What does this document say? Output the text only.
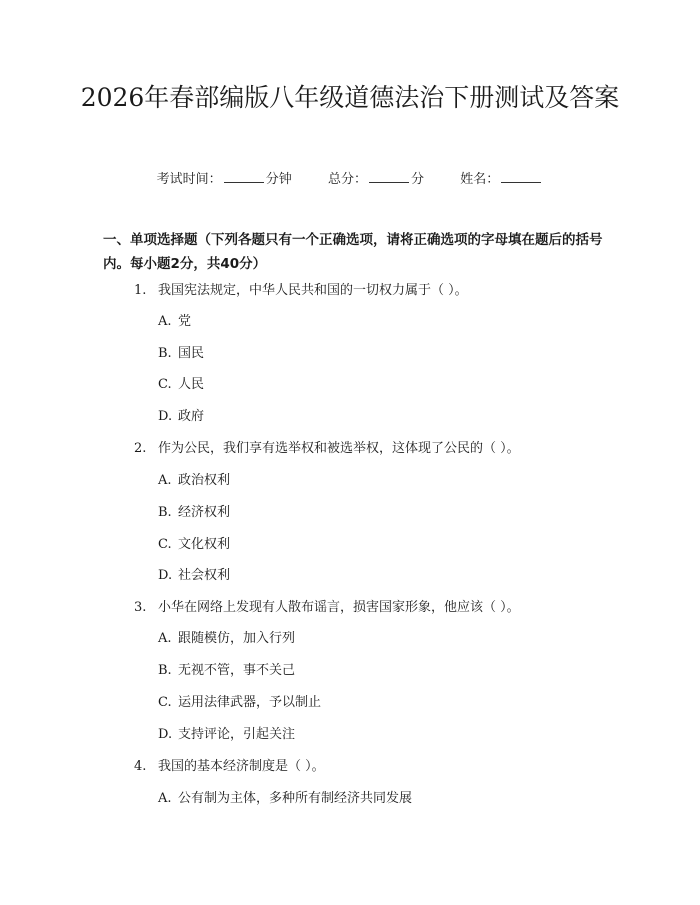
2026年春部编版八年级道德法治下册测试及答案
考试时间：	分钟	总分：	分	姓名：
一、单项选择题（下列各题只有一个正确选项，请将正确选项的字母填在题后的括号内。每小题2分，共40分）
1. 我国宪法规定，中华人民共和国的一切权力属于（ ）。
A. 党
B. 国民
C. 人民
D. 政府
2. 作为公民，我们享有选举权和被选举权，这体现了公民的（ ）。
A. 政治权利
B. 经济权利
C. 文化权利
D. 社会权利
3. 小华在网络上发现有人散布谣言，损害国家形象，他应该（ ）。
A. 跟随模仿，加入行列
B. 无视不管，事不关己
C. 运用法律武器，予以制止
D. 支持评论，引起关注
4. 我国的基本经济制度是（ ）。
A. 公有制为主体，多种所有制经济共同发展
